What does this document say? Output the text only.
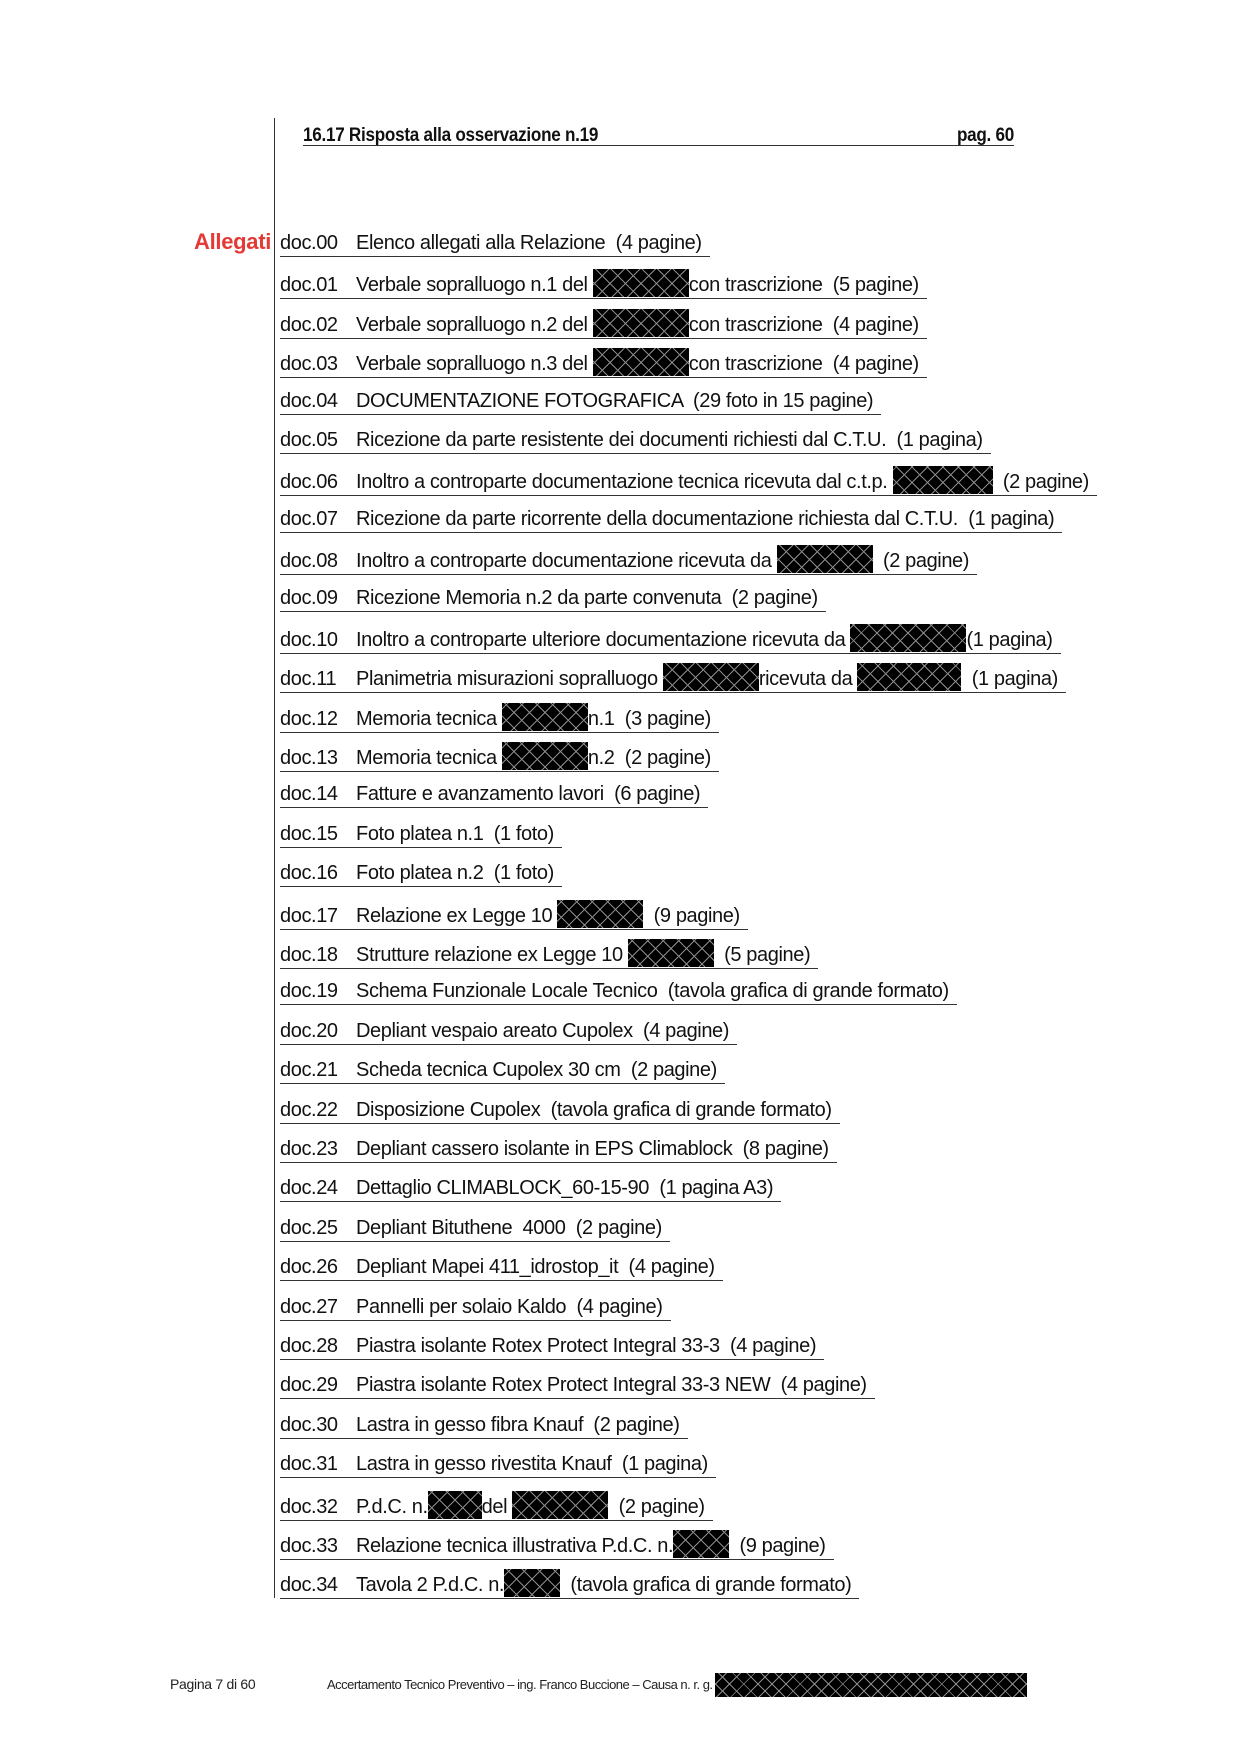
16.17 Risposta alla osservazione n.19	pag. 60
Allegati doc.00 Elenco allegati alla Relazione  (4 pagine)
doc.01 Verbale sopralluogo n.1 del	con trascrizione  (5 pagine)
doc.02 Verbale sopralluogo n.2 del	con trascrizione  (4 pagine)
doc.03 Verbale sopralluogo n.3 del	con trascrizione  (4 pagine)
doc.04 DOCUMENTAZIONE FOTOGRAFICA  (29 foto in 15 pagine)
doc.05 Ricezione da parte resistente dei documenti richiesti dal C.T.U.  (1 pagina)
doc.06 Inoltro a controparte documentazione tecnica ricevuta dal c.t.p.	(2 pagine)
doc.07 Ricezione da parte ricorrente della documentazione richiesta dal C.T.U.  (1 pagina)
doc.08 Inoltro a controparte documentazione ricevuta da	(2 pagine)
doc.09 Ricezione Memoria n.2 da parte convenuta  (2 pagine)
doc.10 Inoltro a controparte ulteriore documentazione ricevuta da	(1 pagina)
doc.11 Planimetria misurazioni sopralluogo	ricevuta da	(1 pagina)
doc.12 Memoria tecnica	n.1  (3 pagine)
doc.13 Memoria tecnica	n.2  (2 pagine)
doc.14 Fatture e avanzamento lavori  (6 pagine)
doc.15 Foto platea n.1  (1 foto)
doc.16 Foto platea n.2  (1 foto)
doc.17 Relazione ex Legge 10	(9 pagine)
doc.18 Strutture relazione ex Legge 10	(5 pagine)
doc.19 Schema Funzionale Locale Tecnico  (tavola grafica di grande formato)
doc.20 Depliant vespaio areato Cupolex  (4 pagine)
doc.21 Scheda tecnica Cupolex 30 cm  (2 pagine)
doc.22 Disposizione Cupolex  (tavola grafica di grande formato)
doc.23 Depliant cassero isolante in EPS Climablock  (8 pagine)
doc.24 Dettaglio CLIMABLOCK_60-15-90  (1 pagina A3)
doc.25 Depliant Bituthene  4000  (2 pagine)
doc.26 Depliant Mapei 411_idrostop_it  (4 pagine)
doc.27 Pannelli per solaio Kaldo  (4 pagine)
doc.28 Piastra isolante Rotex Protect Integral 33-3  (4 pagine)
doc.29 Piastra isolante Rotex Protect Integral 33-3 NEW  (4 pagine)
doc.30 Lastra in gesso fibra Knauf  (2 pagine)
doc.31 Lastra in gesso rivestita Knauf  (1 pagina)
doc.32 P.d.C. n.	del	(2 pagine)
doc.33 Relazione tecnica illustrativa P.d.C. n.	(9 pagine)
doc.34 Tavola 2 P.d.C. n.	(tavola grafica di grande formato)
Pagina 7 di 60	Accertamento Tecnico Preventivo – ing. Franco Buccione – Causa n. r. g.
